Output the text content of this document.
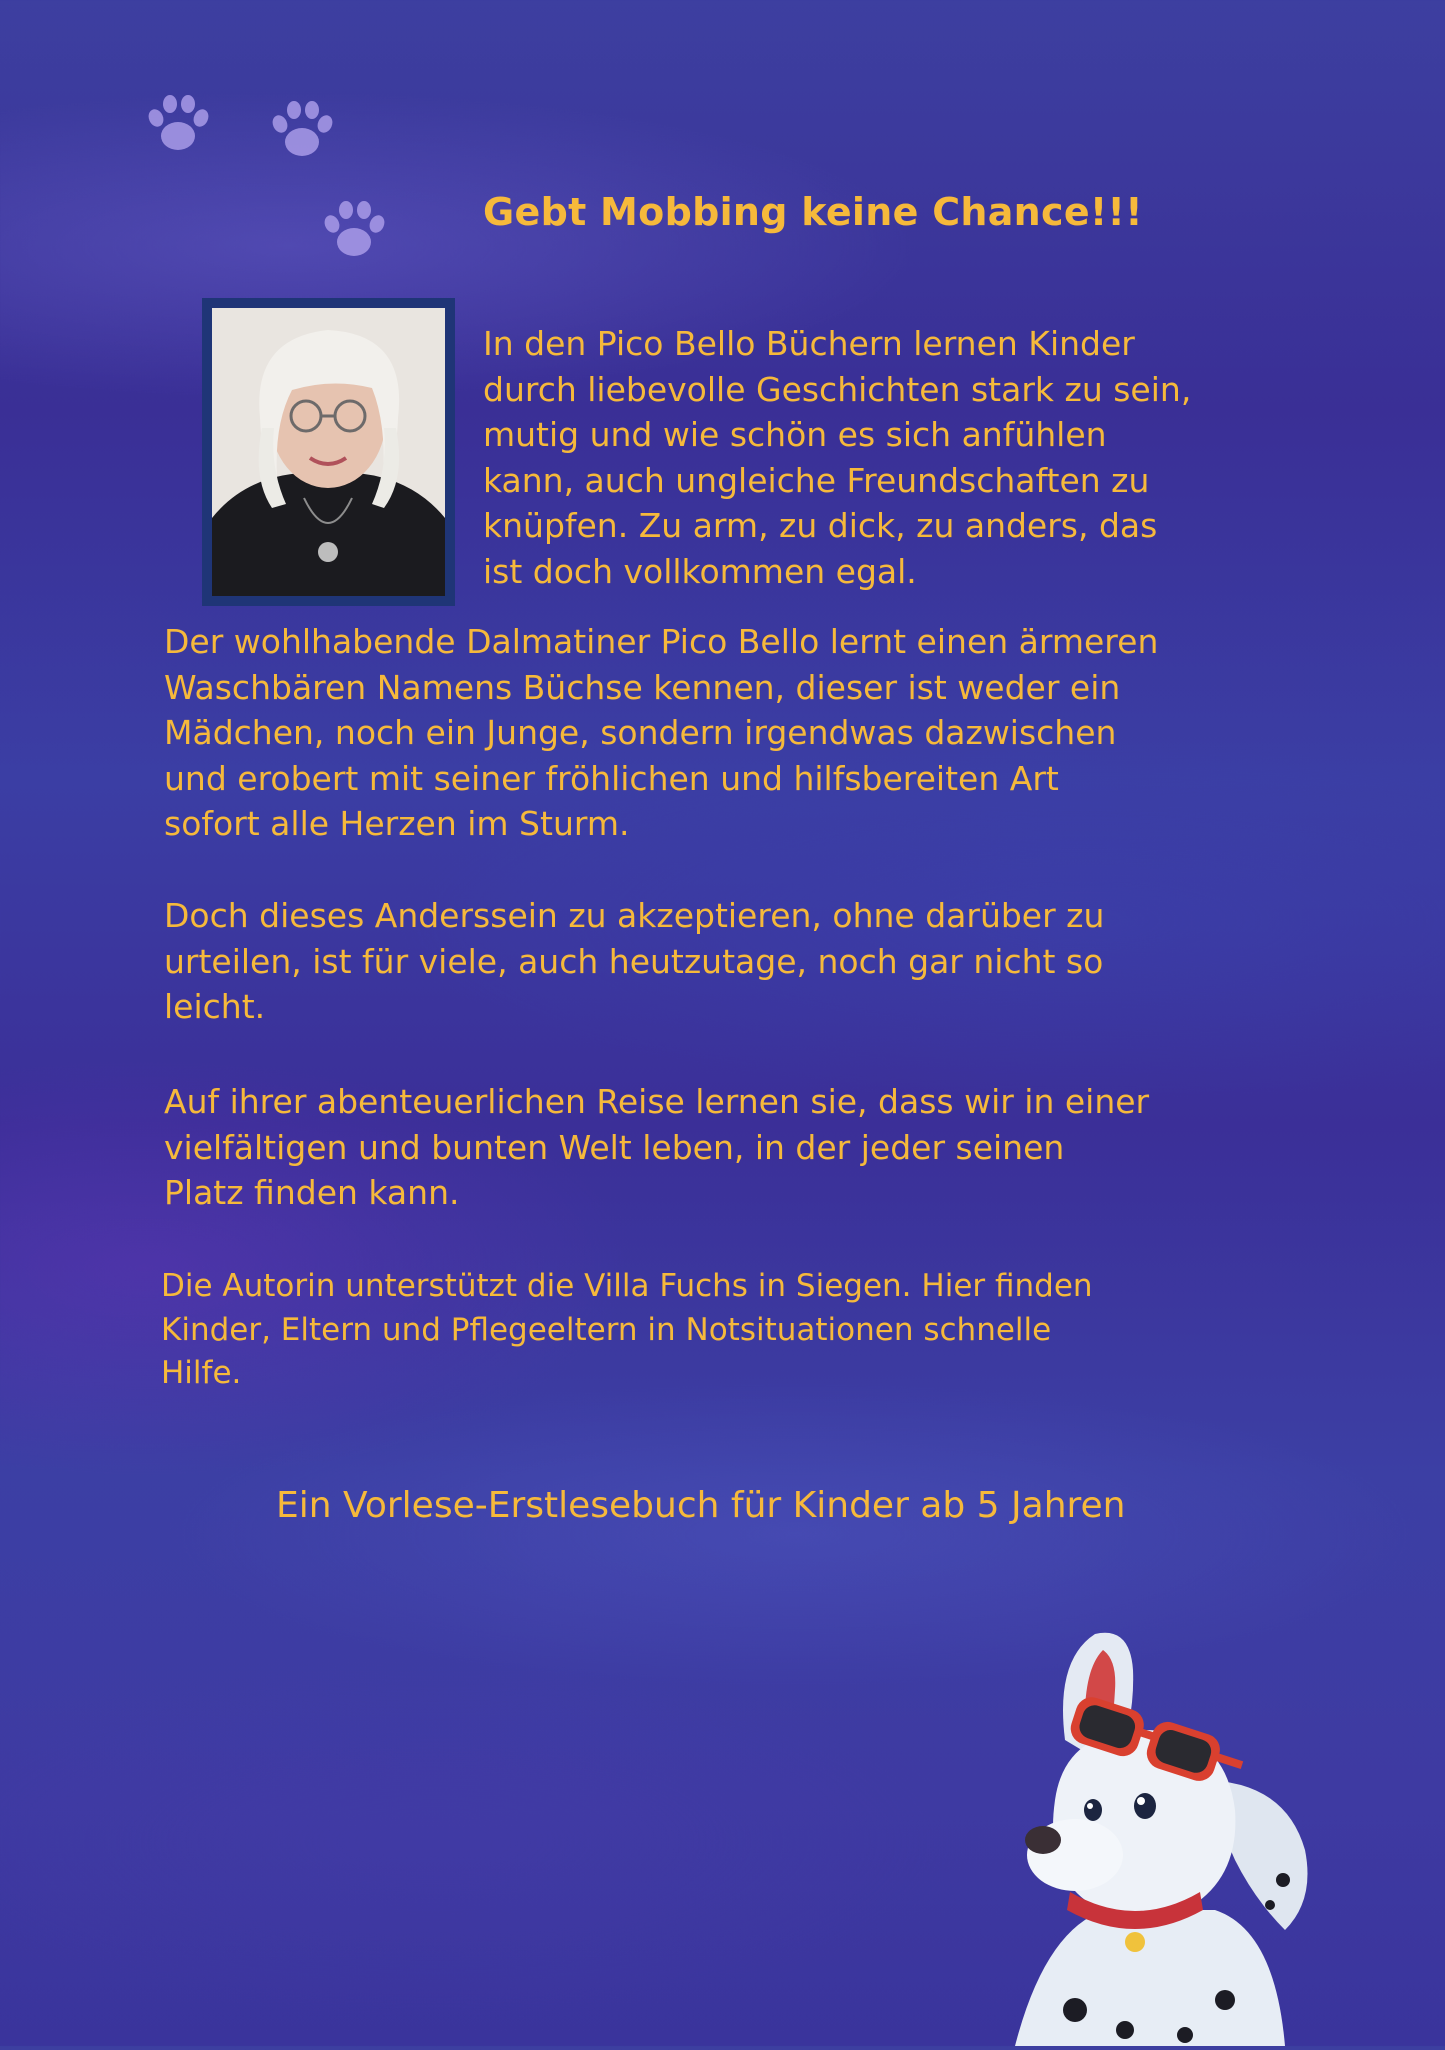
Gebt Mobbing keine Chance!!!

In den Pico Bello Büchern lernen Kinder
durch liebevolle Geschichten stark zu sein,
mutig und wie schön es sich anfühlen
kann, auch ungleiche Freundschaften zu
knüpfen. Zu arm, zu dick, zu anders, das
ist doch vollkommen egal.

Der wohlhabende Dalmatiner Pico Bello lernt einen ärmeren
Waschbären Namens Büchse kennen, dieser ist weder ein
Mädchen, noch ein Junge, sondern irgendwas dazwischen
und erobert mit seiner fröhlichen und hilfsbereiten Art
sofort alle Herzen im Sturm.

Doch dieses Anderssein zu akzeptieren, ohne darüber zu
urteilen, ist für viele, auch heutzutage, noch gar nicht so
leicht.

Auf ihrer abenteuerlichen Reise lernen sie, dass wir in einer
vielfältigen und bunten Welt leben, in der jeder seinen
Platz finden kann.

Die Autorin unterstützt die Villa Fuchs in Siegen. Hier finden
Kinder, Eltern und Pflegeeltern in Notsituationen schnelle
Hilfe.

Ein Vorlese-Erstlesebuch für Kinder ab 5 Jahren
